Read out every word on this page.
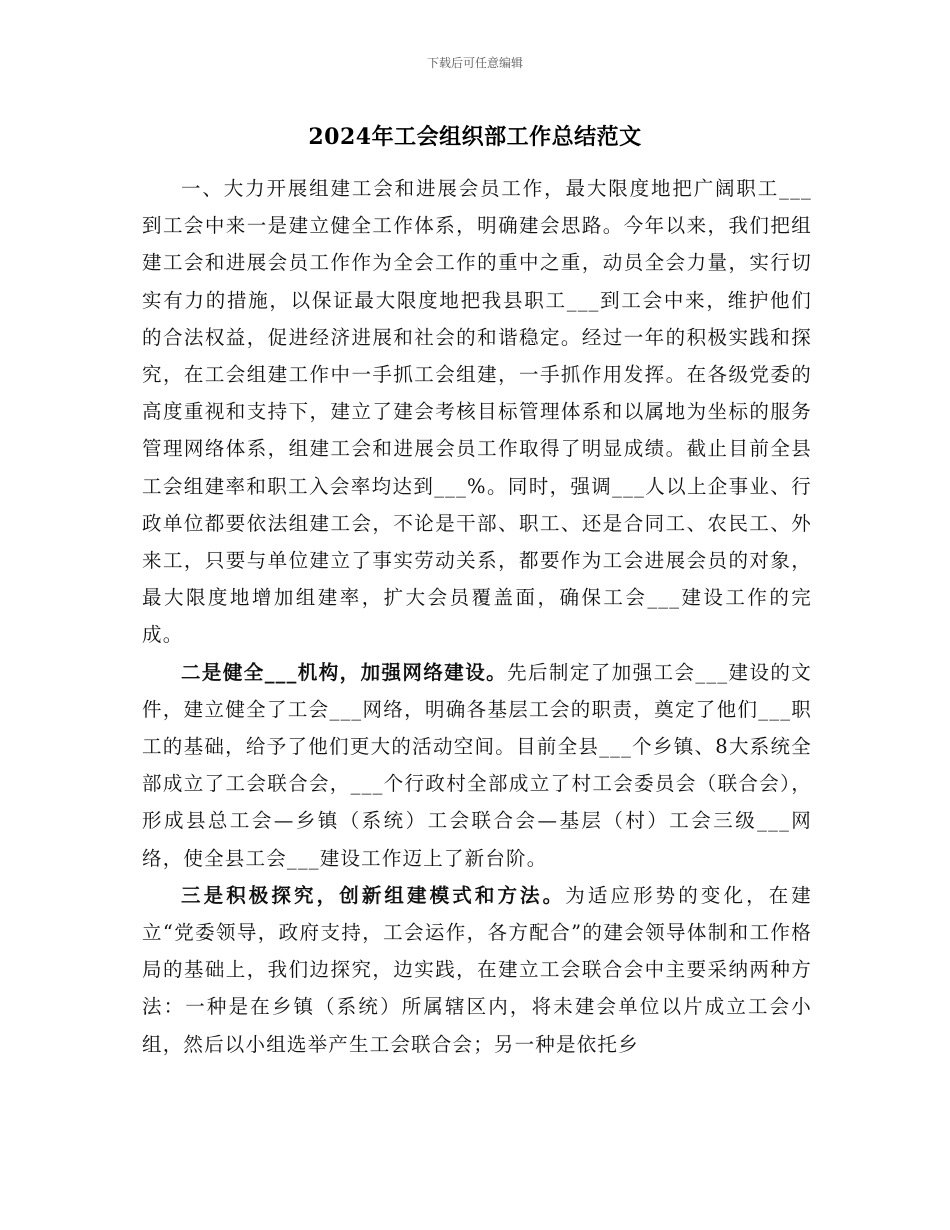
下载后可任意编辑
2024年工会组织部工作总结范文

一、大力开展组建工会和进展会员工作，最大限度地把广阔职工___到工会中来一是建立健全工作体系，明确建会思路。今年以来，我们把组建工会和进展会员工作作为全会工作的重中之重，动员全会力量，实行切实有力的措施，以保证最大限度地把我县职工___到工会中来，维护他们的合法权益，促进经济进展和社会的和谐稳定。经过一年的积极实践和探究，在工会组建工作中一手抓工会组建，一手抓作用发挥。在各级党委的高度重视和支持下，建立了建会考核目标管理体系和以属地为坐标的服务管理网络体系，组建工会和进展会员工作取得了明显成绩。截止目前全县工会组建率和职工入会率均达到___%。同时，强调___人以上企事业、行政单位都要依法组建工会，不论是干部、职工、还是合同工、农民工、外来工，只要与单位建立了事实劳动关系，都要作为工会进展会员的对象，最大限度地增加组建率，扩大会员覆盖面，确保工会___建设工作的完成。

二是健全___机构，加强网络建设。先后制定了加强工会___建设的文件，建立健全了工会___网络，明确各基层工会的职责，奠定了他们___职工的基础，给予了他们更大的活动空间。目前全县___个乡镇、8大系统全部成立了工会联合会，___个行政村全部成立了村工会委员会（联合会），形成县总工会—乡镇（系统）工会联合会—基层（村）工会三级___网络，使全县工会___建设工作迈上了新台阶。

三是积极探究，创新组建模式和方法。为适应形势的变化，在建立“党委领导，政府支持，工会运作，各方配合”的建会领导体制和工作格局的基础上，我们边探究，边实践，在建立工会联合会中主要采纳两种方法：一种是在乡镇（系统）所属辖区内，将未建会单位以片成立工会小组，然后以小组选举产生工会联合会；另一种是依托乡
